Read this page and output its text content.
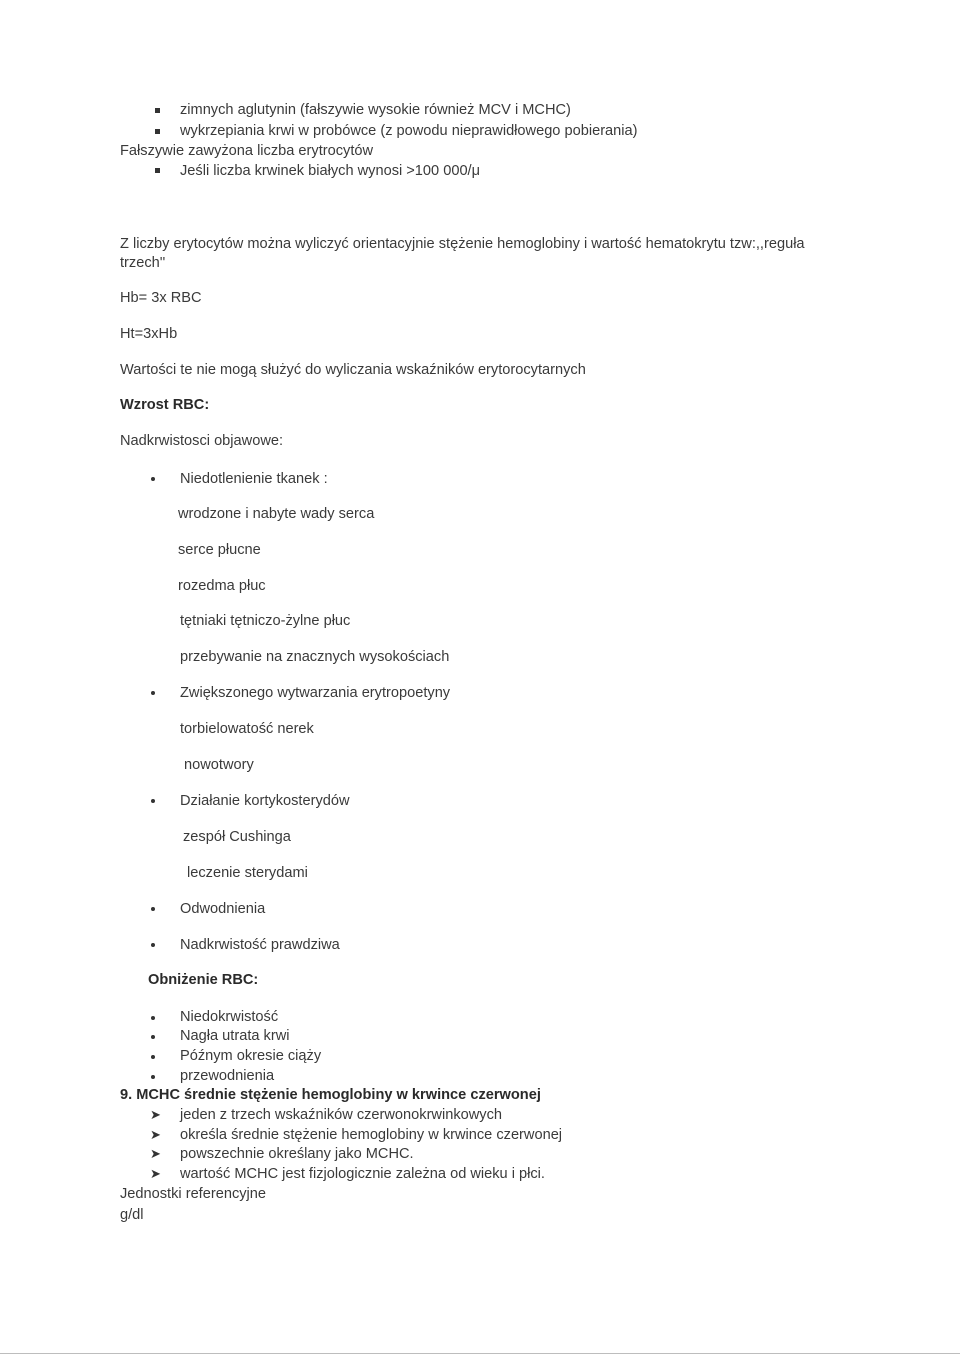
zimnych aglutynin (fałszywie wysokie również MCV i MCHC)
wykrzepiania krwi w probówce (z powodu nieprawidłowego pobierania)
Fałszywie zawyżona liczba erytrocytów
Jeśli liczba krwinek białych wynosi >100 000/μ
Z liczby erytocytów można wyliczyć orientacyjnie stężenie hemoglobiny i wartość hematokrytu tzw:,,reguła
trzech''
Hb= 3x RBC
Ht=3xHb
Wartości te nie mogą służyć do wyliczania wskaźników erytorocytarnych
Wzrost RBC:
Nadkrwistosci objawowe:
Niedotlenienie tkanek :
wrodzone i nabyte wady serca
serce płucne
rozedma płuc
tętniaki tętniczo-żylne płuc
przebywanie na znacznych wysokościach
Zwiększonego wytwarzania erytropoetyny
torbielowatość nerek
nowotwory
Działanie kortykosterydów
zespół Cushinga
leczenie sterydami
Odwodnienia
Nadkrwistość prawdziwa
Obniżenie RBC:
Niedokrwistość
Nagła utrata krwi
Późnym okresie ciąży
przewodnienia
9. MCHC średnie stężenie hemoglobiny w krwince czerwonej
➤ jeden z trzech wskaźników czerwonokrwinkowych
➤ określa średnie stężenie hemoglobiny w krwince czerwonej
➤ powszechnie określany jako MCHC.
➤ wartość MCHC jest fizjologicznie zależna od wieku i płci.
Jednostki referencyjne
g/dl
